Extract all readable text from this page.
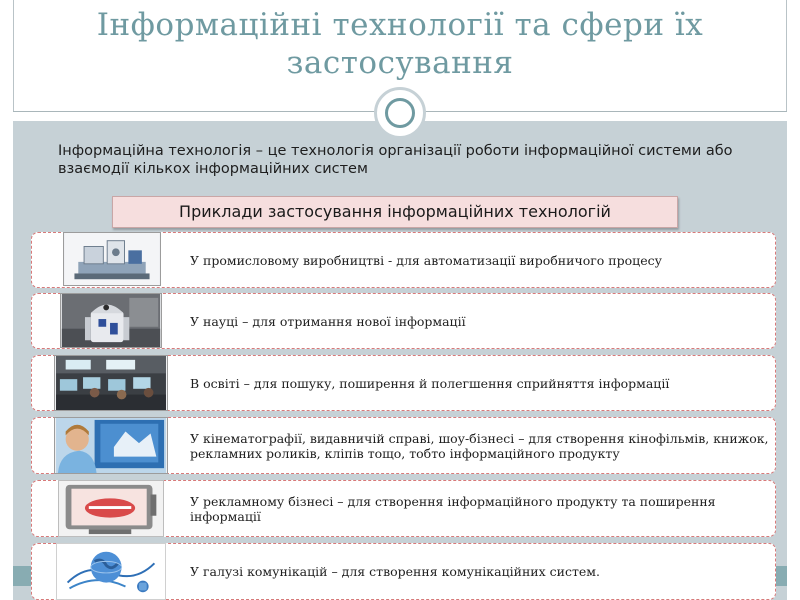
Інформаційні технології та сфери їх застосування
Інформаційна технологія – це технологія організації роботи інформаційної системи або взаємодії кількох інформаційних систем
Приклади застосування інформаційних технологій
У промисловому виробництві - для автоматизації виробничого процесу
У науці – для отримання нової інформації
В освіті – для пошуку, поширення й полегшення сприйняття інформації
У кінематографії, видавничій справі, шоу-бізнесі – для створення кінофільмів, книжок, рекламних роликів, кліпів тощо, тобто інформаційного продукту
У рекламному бізнесі – для створення інформаційного продукту та поширення інформації
У галузі комунікацій – для створення комунікаційних систем.
